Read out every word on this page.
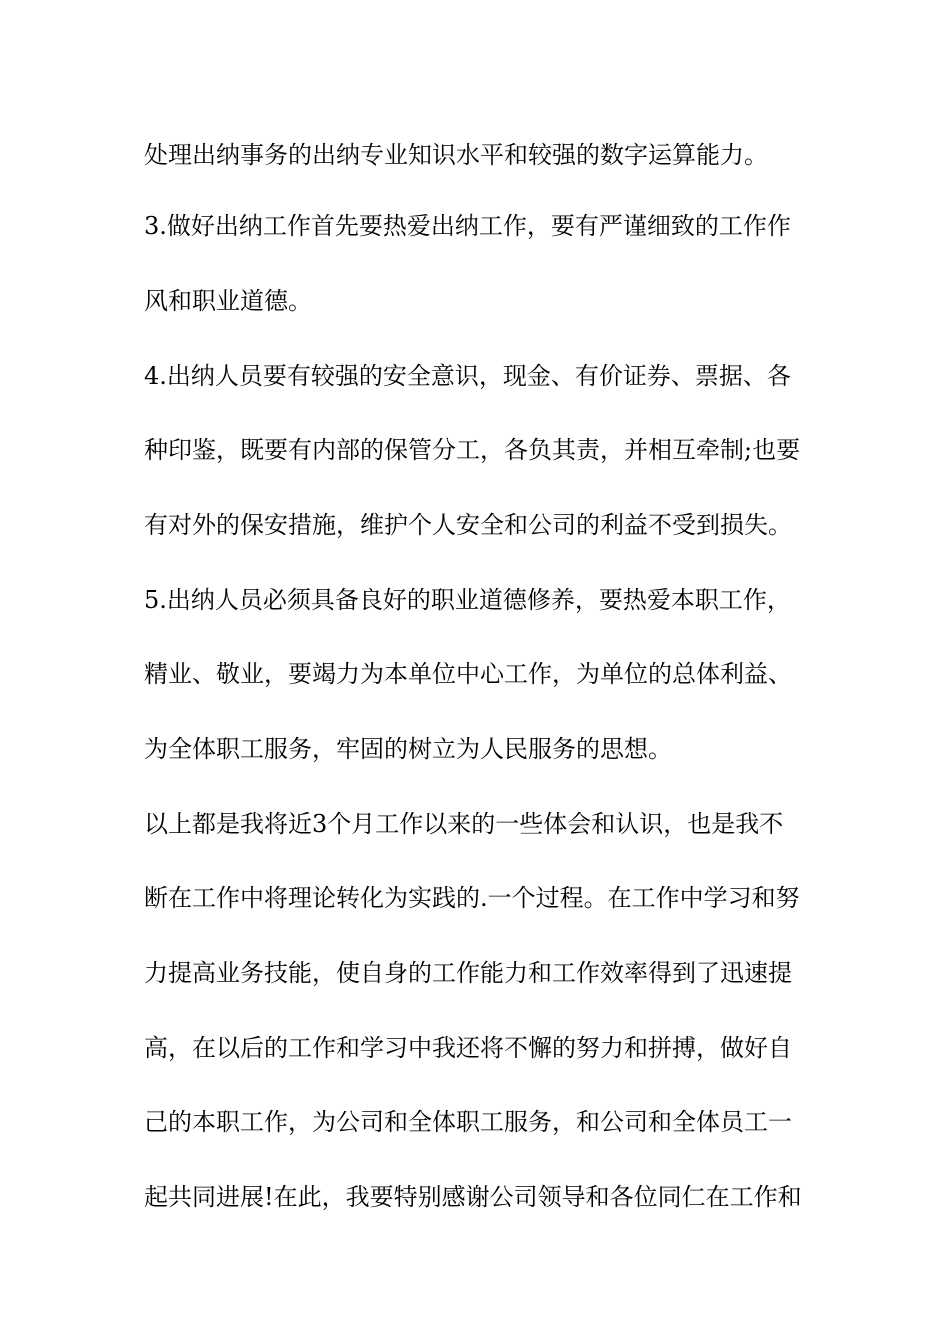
处理出纳事务的出纳专业知识水平和较强的数字运算能力。

3.做好出纳工作首先要热爱出纳工作，要有严谨细致的工作作

风和职业道德。

4.出纳人员要有较强的安全意识，现金、有价证券、票据、各

种印鉴，既要有内部的保管分工，各负其责，并相互牵制;也要

有对外的保安措施，维护个人安全和公司的利益不受到损失。

5.出纳人员必须具备良好的职业道德修养，要热爱本职工作，

精业、敬业，要竭力为本单位中心工作，为单位的总体利益、

为全体职工服务，牢固的树立为人民服务的思想。

以上都是我将近3个月工作以来的一些体会和认识，也是我不

断在工作中将理论转化为实践的.一个过程。在工作中学习和努

力提高业务技能，使自身的工作能力和工作效率得到了迅速提

高，在以后的工作和学习中我还将不懈的努力和拼搏，做好自

己的本职工作，为公司和全体职工服务，和公司和全体员工一

起共同进展!在此，我要特别感谢公司领导和各位同仁在工作和
